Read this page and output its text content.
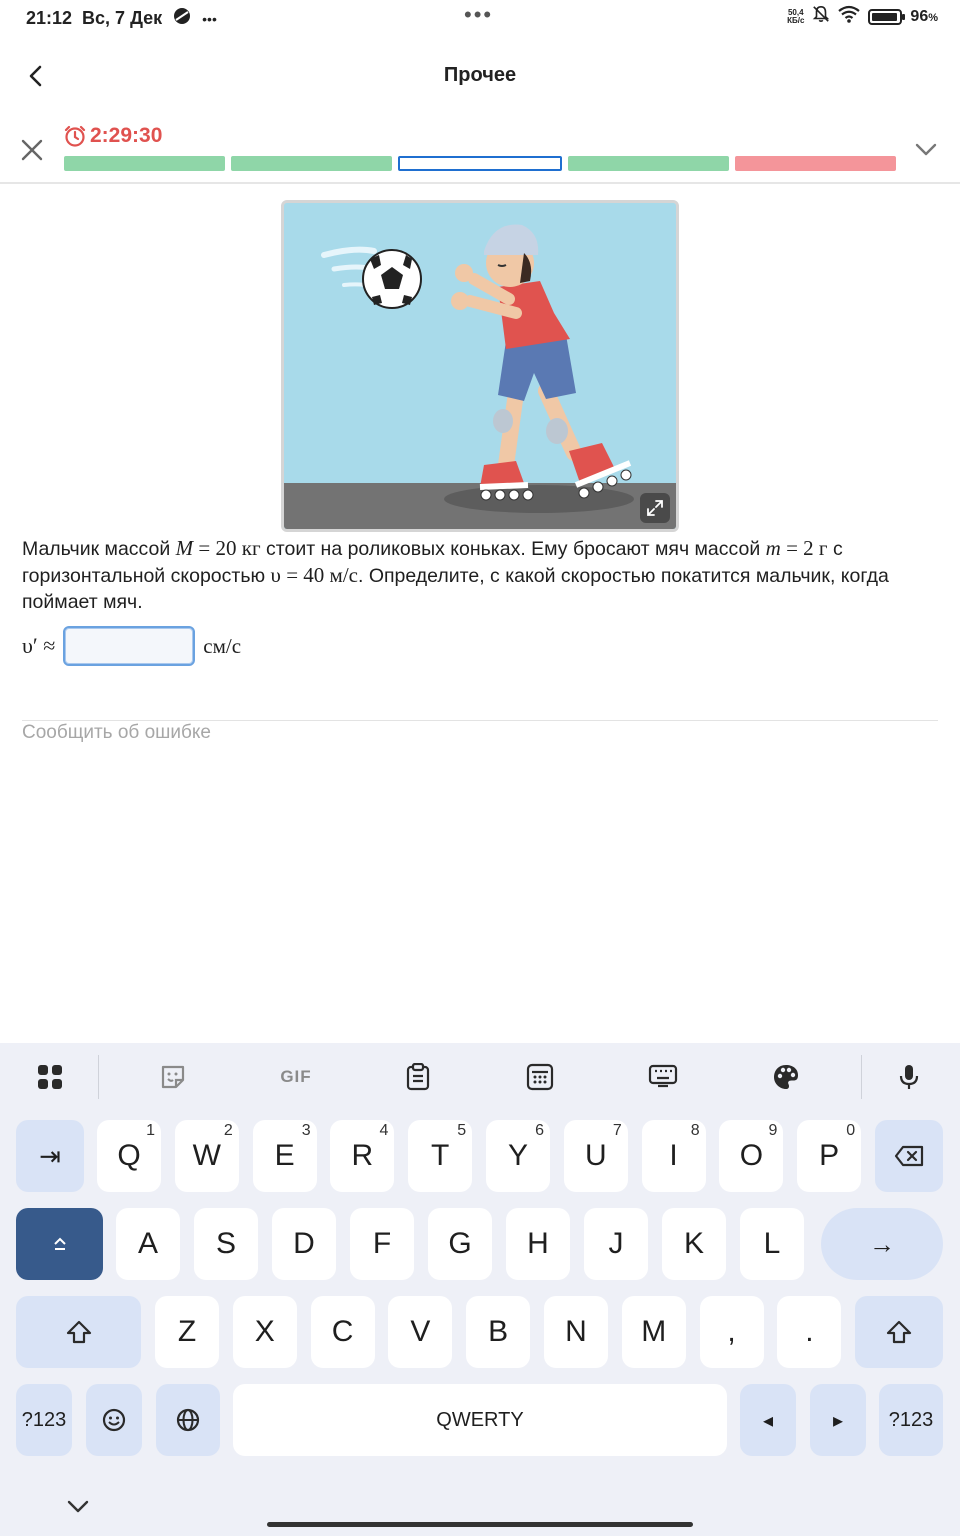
21:12 Вс, 7 Дек	•••	•••	50,4
КБ/с	96%
Прочее
2:29:30
Мальчик массой M = 20 кг стоит на роликовых коньках. Ему бросают мяч массой m = 2 г с горизонтальной скоростью υ = 40 м/с. Определите, с какой скоростью покатится мальчик, когда поймает мяч.
υ′ ≈	см/с
Сообщить об ошибке
GIF
⇥
→
?123	QWERTY	◂	▸ ?123
Q
1
W
2
E
3
R
4
T
5
Y
6
U
7
I
8
O
9
P
0
A S D F G H J K L
Z X C V B N M , .
